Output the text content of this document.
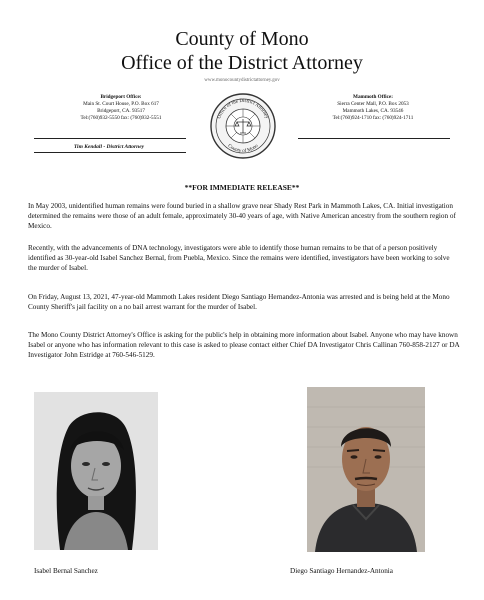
County of Mono
Office of the District Attorney
www.monocountydistrictattorney.gov
Bridgeport Office:
Main St. Court House, P.O. Box 617
Bridgeport, CA. 93517
Tel:(760)932-5550 fax: (760)932-5551
Tim Kendall - District Attorney
Office of the District Attorney
County of Mono
Mammoth Office:
Sierra Center Mall, P.O. Box 2053
Mammoth Lakes, CA. 93546
Tel:(760)924-1710 fax: (760)924-1711
**FOR IMMEDIATE RELEASE**

In May 2003, unidentified human remains were found buried in a shallow grave near Shady Rest Park in Mammoth Lakes, CA. Initial investigation determined the remains were those of an adult female, approximately 30-40 years of age, with Native American ancestry from the southern region of Mexico.

Recently, with the advancements of DNA technology, investigators were able to identify those human remains to be that of a person positively identified as 30-year-old Isabel Sanchez Bernal, from Puebla, Mexico. Since the remains were identified, investigators have been working to solve the murder of Isabel.

On Friday, August 13, 2021, 47-year-old Mammoth Lakes resident Diego Santiago Hernandez-Antonia was arrested and is being held at the Mono County Sheriff's jail facility on a no bail arrest warrant for the murder of Isabel.

The Mono County District Attorney's Office is asking for the public's help in obtaining more information about Isabel. Anyone who may have known Isabel or anyone who has information relevant to this case is asked to please contact either Chief DA Investigator Chris Callinan 760-858-2127 or DA Investigator John Estridge at 760-546-5129.

Isabel Bernal Sanchez	Diego Santiago Hernandez-Antonia
